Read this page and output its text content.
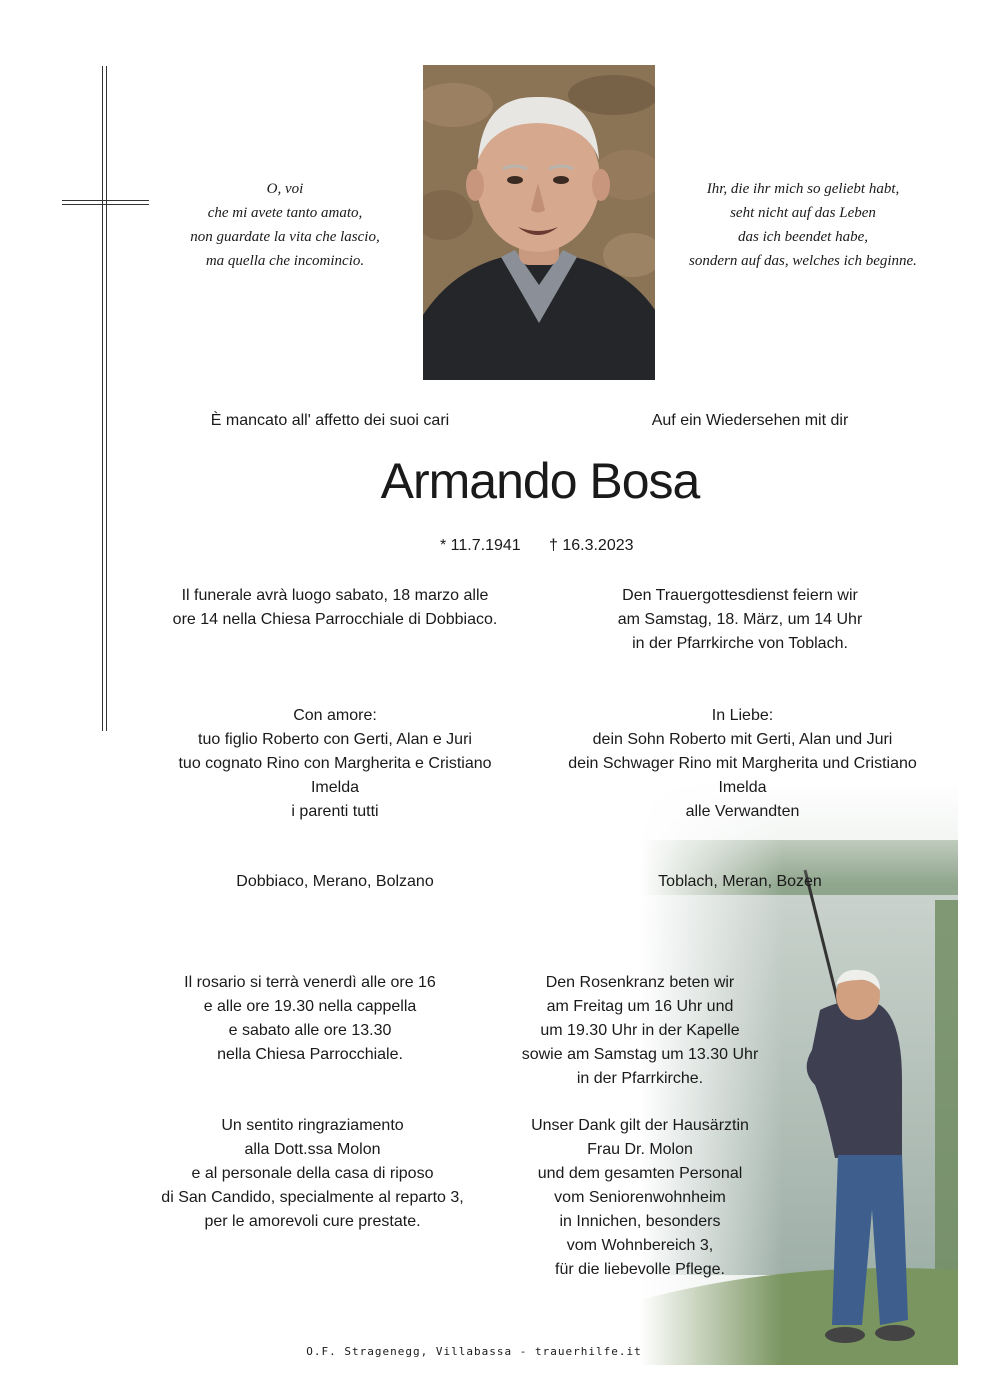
O, voi
che mi avete tanto amato,
non guardate la vita che lascio,
ma quella che incomincio.
Ihr, die ihr mich so geliebt habt,
seht nicht auf das Leben
das ich beendet habe,
sondern auf das, welches ich beginne.
È mancato all' affetto dei suoi cari	Auf ein Wiedersehen mit dir
Armando Bosa
* 11.7.1941 † 16.3.2023
Il funerale avrà luogo sabato, 18 marzo alle
ore 14 nella Chiesa Parrocchiale di Dobbiaco.
Den Trauergottesdienst feiern wir
am Samstag, 18. März, um 14 Uhr
in der Pfarrkirche von Toblach.
Con amore:
tuo figlio Roberto con Gerti, Alan e Juri
tuo cognato Rino con Margherita e Cristiano
Imelda
i parenti tutti
In Liebe:
dein Sohn Roberto mit Gerti, Alan und Juri
dein Schwager Rino mit Margherita und Cristiano
Imelda
alle Verwandten
Dobbiaco, Merano, Bolzano	Toblach, Meran, Bozen
Il rosario si terrà venerdì alle ore 16
e alle ore 19.30 nella cappella
e sabato alle ore 13.30
nella Chiesa Parrocchiale.
Den Rosenkranz beten wir
am Freitag um 16 Uhr und
um 19.30 Uhr in der Kapelle
sowie am Samstag um 13.30 Uhr
in der Pfarrkirche.
Un sentito ringraziamento
alla Dott.ssa Molon
e al personale della casa di riposo
di San Candido, specialmente al reparto 3,
per le amorevoli cure prestate.
Unser Dank gilt der Hausärztin
Frau Dr. Molon
und dem gesamten Personal
vom Seniorenwohnheim
in Innichen, besonders
vom Wohnbereich 3,
für die liebevolle Pflege.
O.F. Stragenegg, Villabassa - trauerhilfe.it
